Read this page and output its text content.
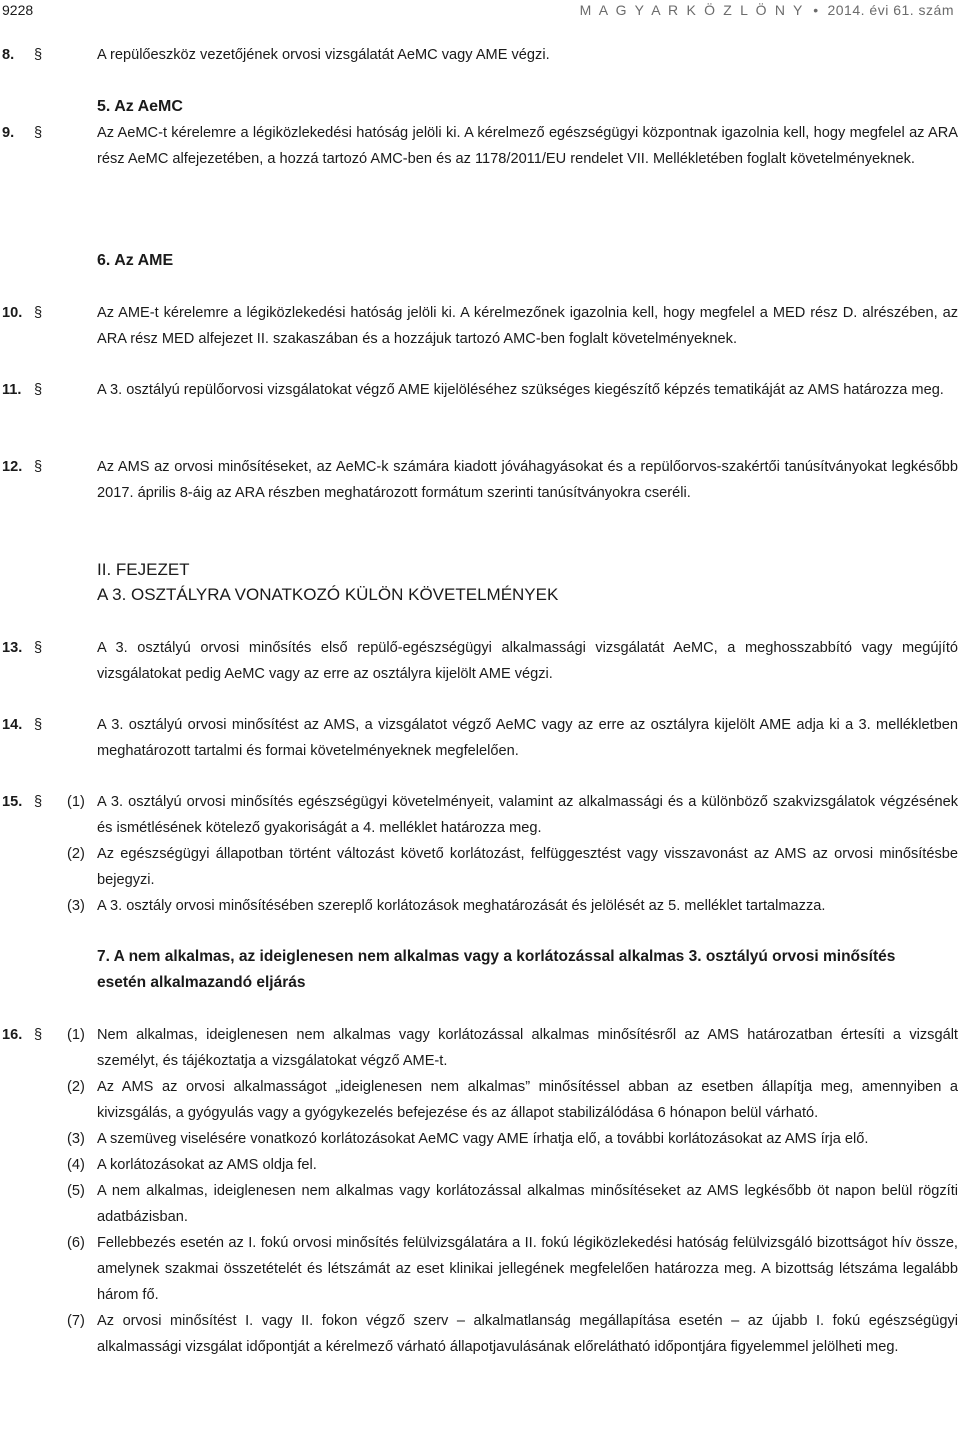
9228	M A G Y A R K Ö Z L Ö N Y • 2014. évi 61. szám
8.	§	A repülőeszköz vezetőjének orvosi vizsgálatát AeMC vagy AME végzi.
5. Az AeMC
9.	§	Az AeMC-t kérelemre a légiközlekedési hatóság jelöli ki. A kérelmező egészségügyi központnak igazolnia kell, hogy megfelel az ARA rész AeMC alfejezetében, a hozzá tartozó AMC-ben és az 1178/2011/EU rendelet VII. Mellékletében foglalt követelményeknek.
6. Az AME
10. §	Az AME-t kérelemre a légiközlekedési hatóság jelöli ki. A kérelmezőnek igazolnia kell, hogy megfelel a MED rész D. alrészében, az ARA rész MED alfejezet II. szakaszában és a hozzájuk tartozó AMC-ben foglalt követelményeknek.
11. §	A 3. osztályú repülőorvosi vizsgálatokat végző AME kijelöléséhez szükséges kiegészítő képzés tematikáját az AMS határozza meg.
12. §	Az AMS az orvosi minősítéseket, az AeMC-k számára kiadott jóváhagyásokat és a repülőorvos-szakértői tanúsítványokat legkésőbb 2017. április 8-áig az ARA részben meghatározott formátum szerinti tanúsítványokra cseréli.
II. FEJEZET
A 3. OSZTÁLYRA VONATKOZÓ KÜLÖN KÖVETELMÉNYEK
13. §	A 3. osztályú orvosi minősítés első repülő-egészségügyi alkalmassági vizsgálatát AeMC, a meghosszabbító vagy megújító vizsgálatokat pedig AeMC vagy az erre az osztályra kijelölt AME végzi.
14. §	A 3. osztályú orvosi minősítést az AMS, a vizsgálatot végző AeMC vagy az erre az osztályra kijelölt AME adja ki a 3. mellékletben meghatározott tartalmi és formai követelményeknek megfelelően.
15. § (1) A 3. osztályú orvosi minősítés egészségügyi követelményeit, valamint az alkalmassági és a különböző szakvizsgálatok végzésének és ismétlésének kötelező gyakoriságát a 4. melléklet határozza meg.
(2) Az egészségügyi állapotban történt változást követő korlátozást, felfüggesztést vagy visszavonást az AMS az orvosi minősítésbe bejegyzi.
(3) A 3. osztály orvosi minősítésében szereplő korlátozások meghatározását és jelölését az 5. melléklet tartalmazza.
7. A nem alkalmas, az ideiglenesen nem alkalmas vagy a korlátozással alkalmas 3. osztályú orvosi minősítés esetén alkalmazandó eljárás
16. § (1) Nem alkalmas, ideiglenesen nem alkalmas vagy korlátozással alkalmas minősítésről az AMS határozatban értesíti a vizsgált személyt, és tájékoztatja a vizsgálatokat végző AME-t.
(2) Az AMS az orvosi alkalmasságot „ideiglenesen nem alkalmas” minősítéssel abban az esetben állapítja meg, amennyiben a kivizsgálás, a gyógyulás vagy a gyógykezelés befejezése és az állapot stabilizálódása 6 hónapon belül várható.
(3) A szemüveg viselésére vonatkozó korlátozásokat AeMC vagy AME írhatja elő, a további korlátozásokat az AMS írja elő.
(4) A korlátozásokat az AMS oldja fel.
(5) A nem alkalmas, ideiglenesen nem alkalmas vagy korlátozással alkalmas minősítéseket az AMS legkésőbb öt napon belül rögzíti adatbázisban.
(6) Fellebbezés esetén az I. fokú orvosi minősítés felülvizsgálatára a II. fokú légiközlekedési hatóság felülvizsgáló bizottságot hív össze, amelynek szakmai összetételét és létszámát az eset klinikai jellegének megfelelően határozza meg. A bizottság létszáma legalább három fő.
(7) Az orvosi minősítést I. vagy II. fokon végző szerv – alkalmatlanság megállapítása esetén – az újabb I. fokú egészségügyi alkalmassági vizsgálat időpontját a kérelmező várható állapotjavulásának előrelátható időpontjára figyelemmel jelölheti meg.
